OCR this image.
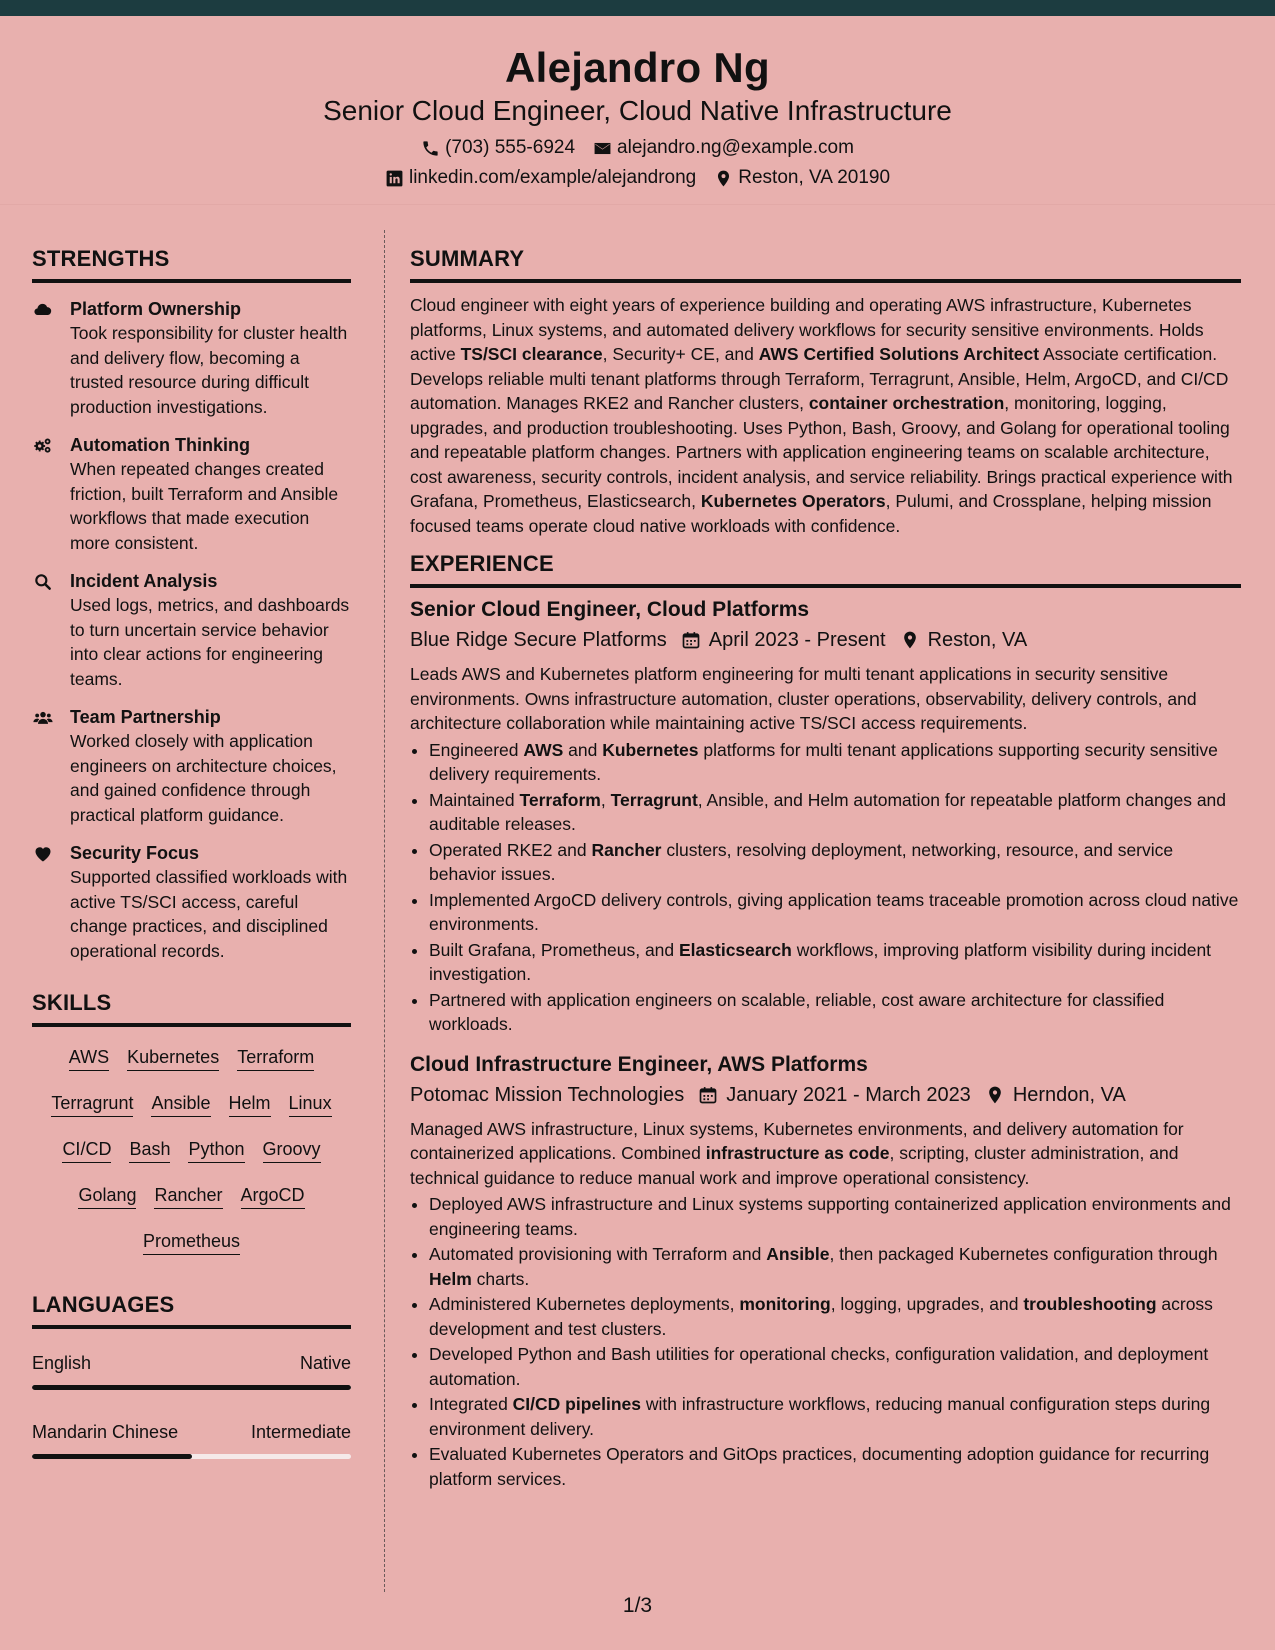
Alejandro Ng
Senior Cloud Engineer, Cloud Native Infrastructure
(703) 555-6924 alejandro.ng@example.com
linkedin.com/example/alejandrong Reston, VA 20190
STRENGTHS
Platform Ownership
Took responsibility for cluster health and delivery flow, becoming a trusted resource during difficult production investigations.
Automation Thinking
When repeated changes created friction, built Terraform and Ansible workflows that made execution more consistent.
Incident Analysis
Used logs, metrics, and dashboards to turn uncertain service behavior into clear actions for engineering teams.
Team Partnership
Worked closely with application engineers on architecture choices, and gained confidence through practical platform guidance.
Security Focus
Supported classified workloads with active TS/SCI access, careful change practices, and disciplined operational records.
SKILLS
AWS Kubernetes Terraform
Terragrunt Ansible Helm Linux
CI/CD Bash Python Groovy
Golang Rancher ArgoCD
Prometheus
LANGUAGES
English	Native
Mandarin Chinese	Intermediate
SUMMARY
Cloud engineer with eight years of experience building and operating AWS infrastructure, Kubernetes platforms, Linux systems, and automated delivery workflows for security sensitive environments. Holds active TS/SCI clearance, Security+ CE, and AWS Certified Solutions Architect Associate certification. Develops reliable multi tenant platforms through Terraform, Terragrunt, Ansible, Helm, ArgoCD, and CI/CD automation. Manages RKE2 and Rancher clusters, container orchestration, monitoring, logging, upgrades, and production troubleshooting. Uses Python, Bash, Groovy, and Golang for operational tooling and repeatable platform changes. Partners with application engineering teams on scalable architecture, cost awareness, security controls, incident analysis, and service reliability. Brings practical experience with Grafana, Prometheus, Elasticsearch, Kubernetes Operators, Pulumi, and Crossplane, helping mission focused teams operate cloud native workloads with confidence.
EXPERIENCE
Senior Cloud Engineer, Cloud Platforms
Blue Ridge Secure Platforms April 2023 - Present Reston, VA
Leads AWS and Kubernetes platform engineering for multi tenant applications in security sensitive environments. Owns infrastructure automation, cluster operations, observability, delivery controls, and architecture collaboration while maintaining active TS/SCI access requirements.
• Engineered AWS and Kubernetes platforms for multi tenant applications supporting security sensitive delivery requirements.
• Maintained Terraform, Terragrunt, Ansible, and Helm automation for repeatable platform changes and auditable releases.
• Operated RKE2 and Rancher clusters, resolving deployment, networking, resource, and service behavior issues.
• Implemented ArgoCD delivery controls, giving application teams traceable promotion across cloud native environments.
• Built Grafana, Prometheus, and Elasticsearch workflows, improving platform visibility during incident investigation.
• Partnered with application engineers on scalable, reliable, cost aware architecture for classified workloads.
Cloud Infrastructure Engineer, AWS Platforms
Potomac Mission Technologies January 2021 - March 2023 Herndon, VA
Managed AWS infrastructure, Linux systems, Kubernetes environments, and delivery automation for containerized applications. Combined infrastructure as code, scripting, cluster administration, and technical guidance to reduce manual work and improve operational consistency.
• Deployed AWS infrastructure and Linux systems supporting containerized application environments and engineering teams.
• Automated provisioning with Terraform and Ansible, then packaged Kubernetes configuration through Helm charts.
• Administered Kubernetes deployments, monitoring, logging, upgrades, and troubleshooting across development and test clusters.
• Developed Python and Bash utilities for operational checks, configuration validation, and deployment automation.
• Integrated CI/CD pipelines with infrastructure workflows, reducing manual configuration steps during environment delivery.
• Evaluated Kubernetes Operators and GitOps practices, documenting adoption guidance for recurring platform services.
1/3
